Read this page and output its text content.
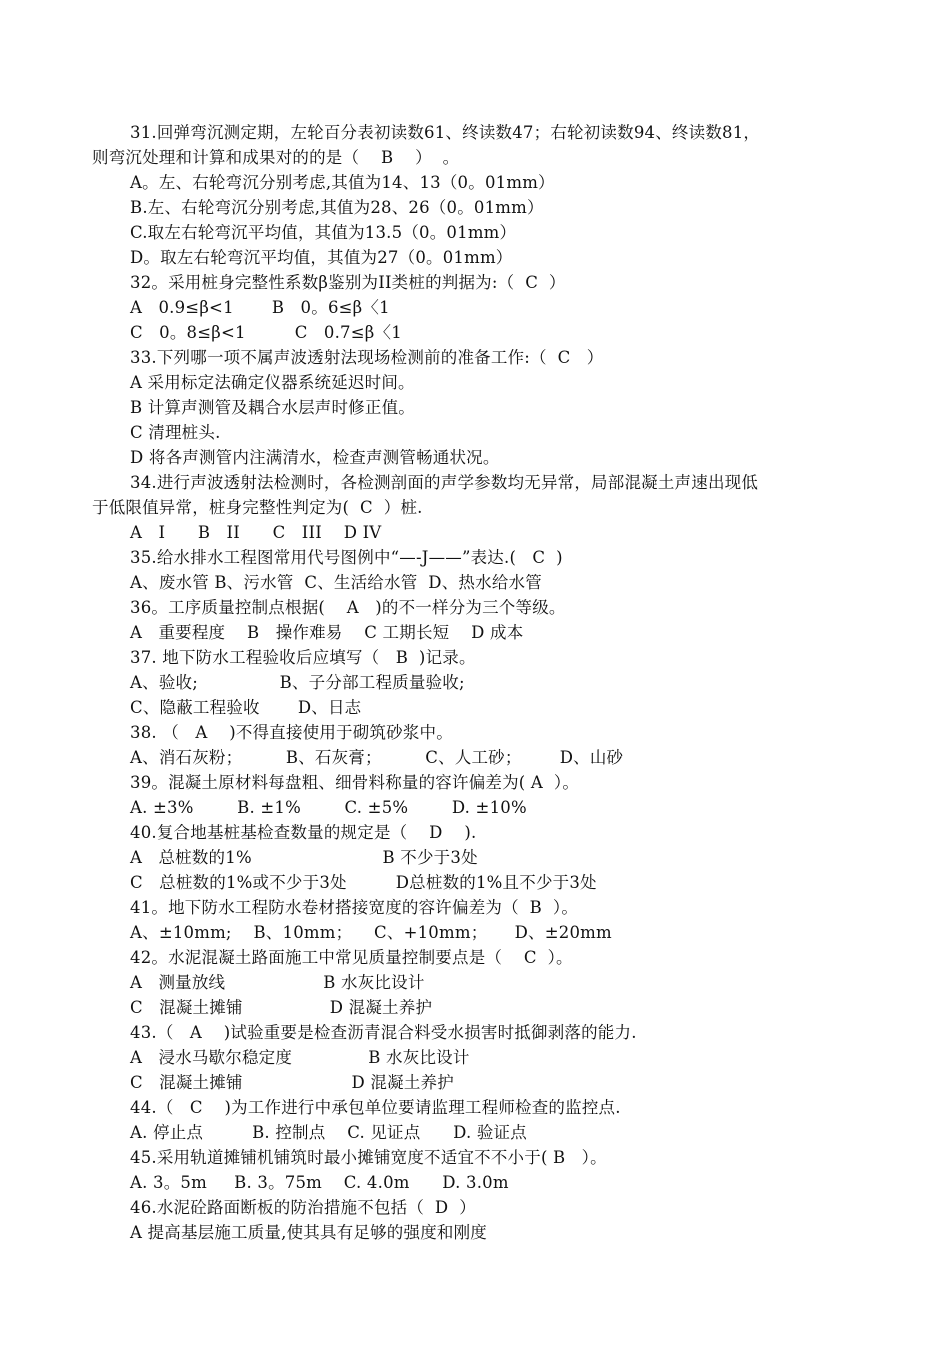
31.回弹弯沉测定期，左轮百分表初读数61、终读数47；右轮初读数94、终读数81，
则弯沉处理和计算和成果对的的是（    B    ）  。
A。左、右轮弯沉分别考虑,其值为14、13（0。01mm）
B.左、右轮弯沉分别考虑,其值为28、26（0。01mm）
C.取左右轮弯沉平均值，其值为13.5（0。01mm）
D。取左右轮弯沉平均值，其值为27（0。01mm）
32。采用桩身完整性系数β鉴别为II类桩的判据为:（  C  ）
A   0.9≤β<1       B   0。6≤β〈1
C   0。8≤β<1         C   0.7≤β〈1
33.下列哪一项不属声波透射法现场检测前的准备工作:（  C   ）
A 采用标定法确定仪器系统延迟时间。
B 计算声测管及耦合水层声时修正值。
C 清理桩头.
D 将各声测管内注满清水，检查声测管畅通状况。
34.进行声波透射法检测时，各检测剖面的声学参数均无异常，局部混凝土声速出现低
于低限值异常，桩身完整性判定为(  C  ）桩.
A   I      B   II      C   III    D IV
35.给水排水工程图常用代号图例中“—-J——”表达.(   C  )
A、废水管 B、污水管  C、生活给水管  D、热水给水管
36。工序质量控制点根据(    A   )的不一样分为三个等级。
A   重要程度    B   操作难易    C 工期长短    D 成本
37. 地下防水工程验收后应填写（   B  )记录。
A、验收;               B、子分部工程质量验收;
C、隐蔽工程验收       D、日志
38. （   A    )不得直接使用于砌筑砂浆中。
A、消石灰粉；        B、石灰膏；        C、人工砂；       D、山砂
39。混凝土原材料每盘粗、细骨料称量的容许偏差为( A  ）。
A. ±3%        B. ±1%        C. ±5%        D. ±10%
40.复合地基桩基检查数量的规定是（    D    ).
A   总桩数的1%                        B 不少于3处
C   总桩数的1%或不少于3处         D总桩数的1%且不少于3处
41。地下防水工程防水卷材搭接宽度的容许偏差为（  B  ）。
A、±10mm;    B、10mm；    C、+10mm；     D、±20mm
42。水泥混凝土路面施工中常见质量控制要点是（    C  ）。
A   测量放线                  B 水灰比设计
C   混凝土摊铺                D 混凝土养护
43.（   A    )试验重要是检查沥青混合料受水损害时抵御剥落的能力.
A   浸水马歇尔稳定度              B 水灰比设计
C   混凝土摊铺                    D 混凝土养护
44.（   C    )为工作进行中承包单位要请监理工程师检查的监控点.
A. 停止点         B. 控制点    C. 见证点      D. 验证点
45.采用轨道摊铺机铺筑时最小摊铺宽度不适宜不不小于( B   ）。
A. 3。5m     B. 3。75m    C. 4.0m      D. 3.0m
46.水泥砼路面断板的防治措施不包括（  D  ）
A 提高基层施工质量,使其具有足够的强度和刚度
